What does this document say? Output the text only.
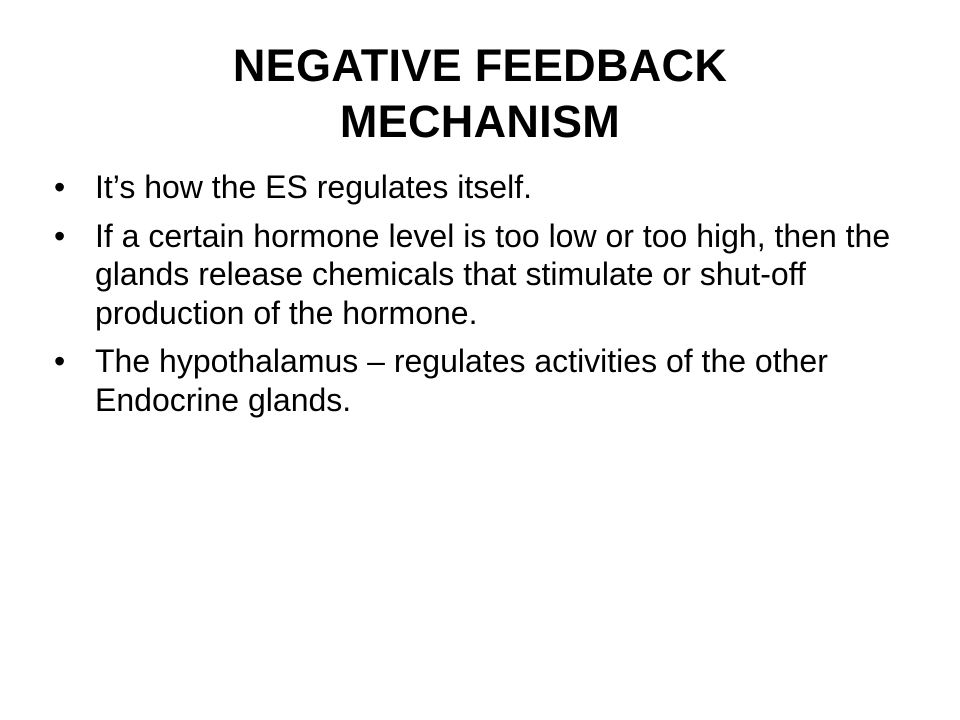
NEGATIVE FEEDBACK
MECHANISM
• It’s how the ES regulates itself.
• If a certain hormone level is too low or too high, then the glands release chemicals that stimulate or shut-off production of the hormone.
• The hypothalamus – regulates activities of the other Endocrine glands.
